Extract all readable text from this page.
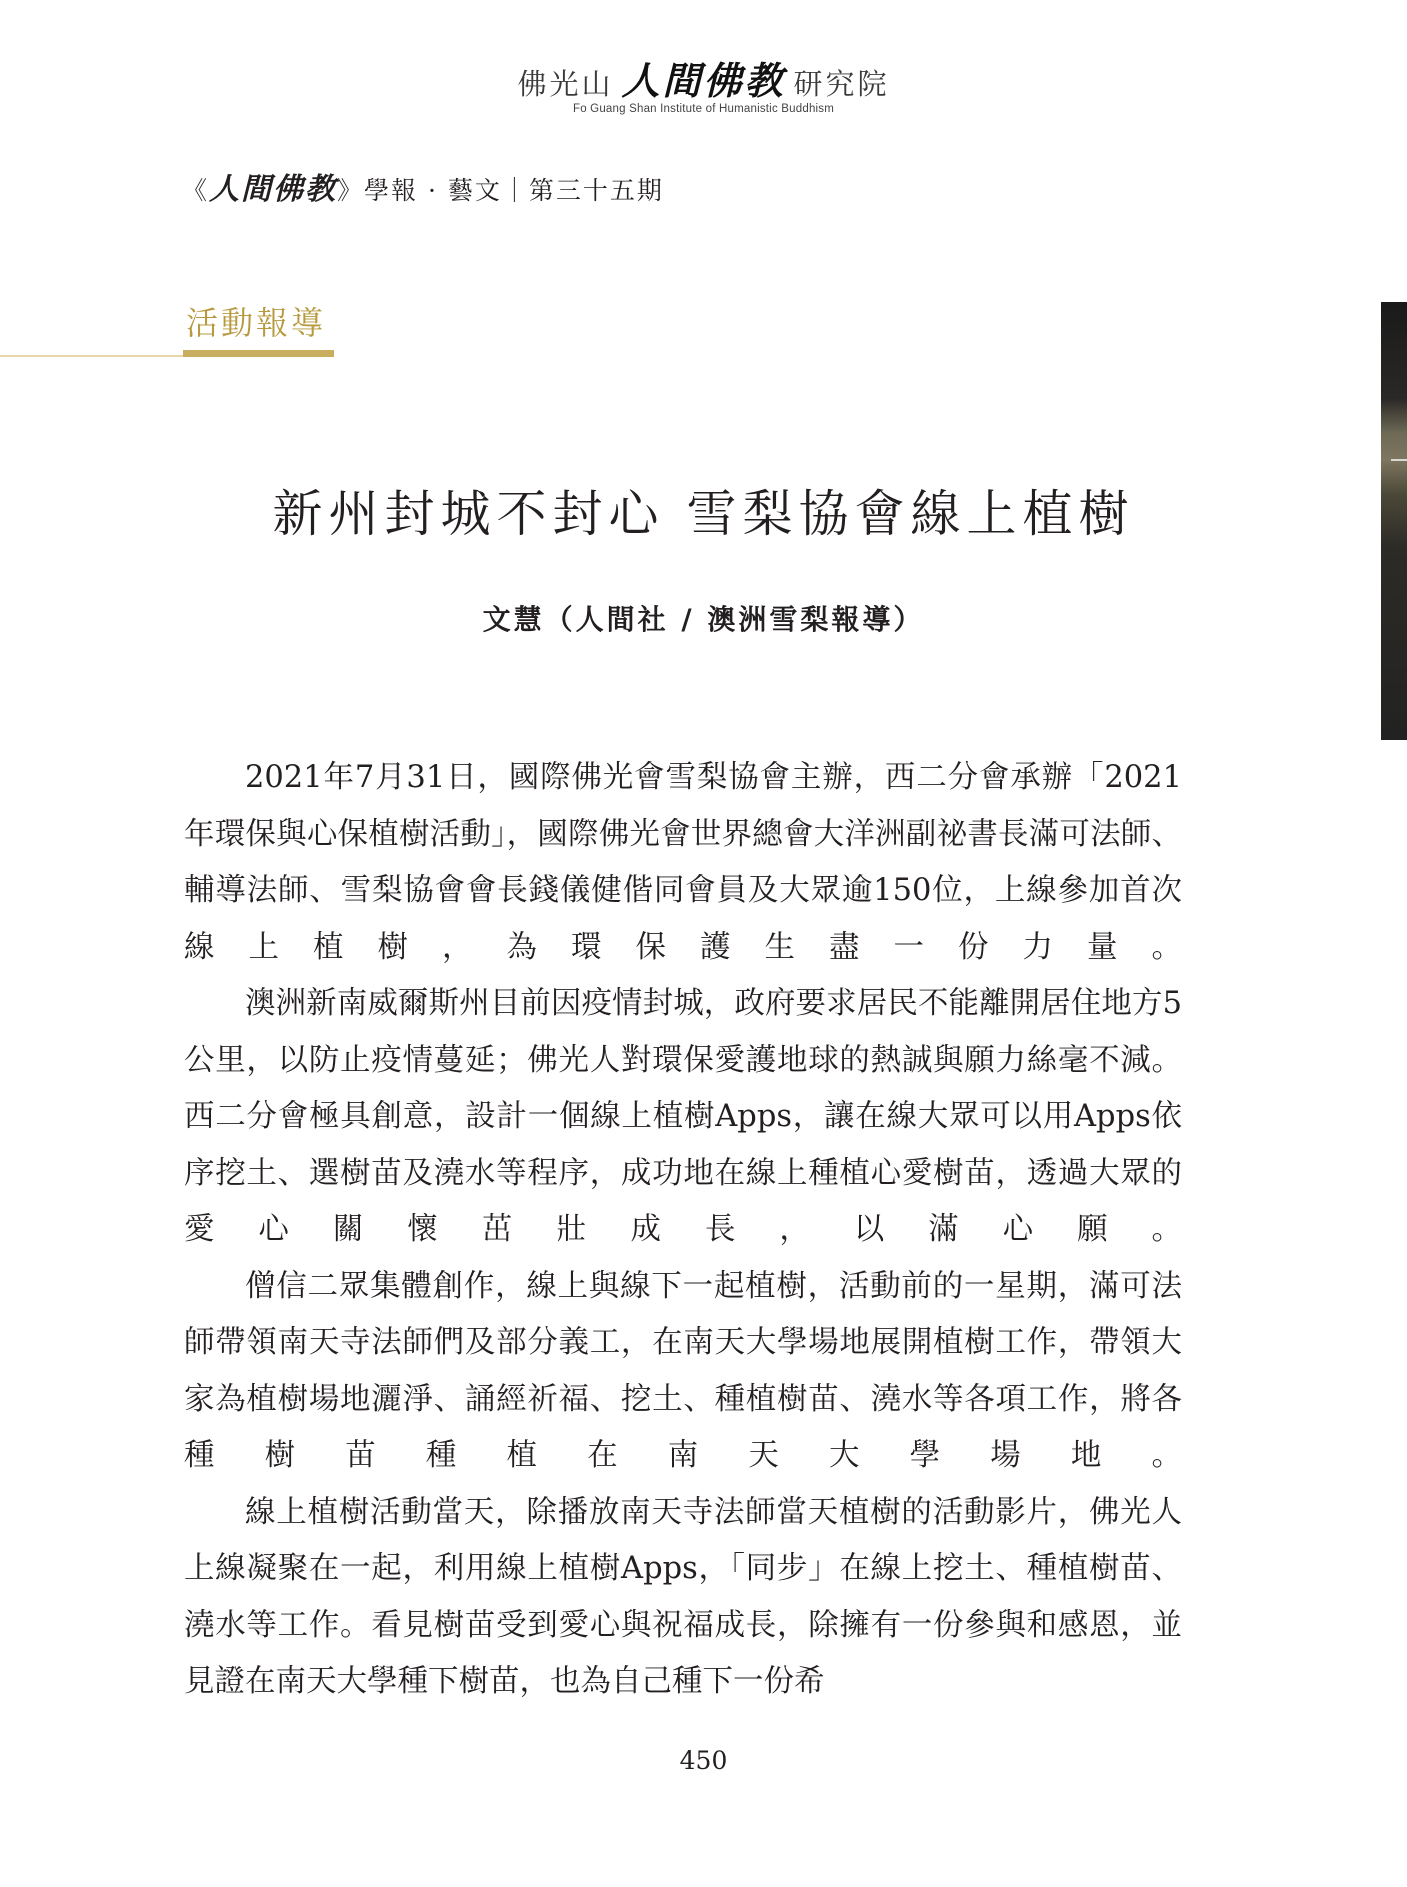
佛光山 人間佛教 研究院
Fo Guang Shan Institute of Humanistic Buddhism
《人間佛教》學報 · 藝文｜第三十五期
活動報導
新州封城不封心 雪梨協會線上植樹
文慧（人間社 / 澳洲雪梨報導）

2021年7月31日，國際佛光會雪梨協會主辦，西二分會承辦「2021年環保與心保植樹活動」，國際佛光會世界總會大洋洲副祕書長滿可法師、輔導法師、雪梨協會會長錢儀健偕同會員及大眾逾150位，上線參加首次線上植樹，為環保護生盡一份力量。

澳洲新南威爾斯州目前因疫情封城，政府要求居民不能離開居住地方5公里，以防止疫情蔓延；佛光人對環保愛護地球的熱誠與願力絲毫不減。西二分會極具創意，設計一個線上植樹Apps，讓在線大眾可以用Apps依序挖土、選樹苗及澆水等程序，成功地在線上種植心愛樹苗，透過大眾的愛心關懷茁壯成長，以滿心願。

僧信二眾集體創作，線上與線下一起植樹，活動前的一星期，滿可法師帶領南天寺法師們及部分義工，在南天大學場地展開植樹工作，帶領大家為植樹場地灑淨、誦經祈福、挖土、種植樹苗、澆水等各項工作，將各種樹苗種植在南天大學場地。

線上植樹活動當天，除播放南天寺法師當天植樹的活動影片，佛光人上線凝聚在一起，利用線上植樹Apps，「同步」在線上挖土、種植樹苗、澆水等工作。看見樹苗受到愛心與祝福成長，除擁有一份參與和感恩，並見證在南天大學種下樹苗，也為自己種下一份希

450
